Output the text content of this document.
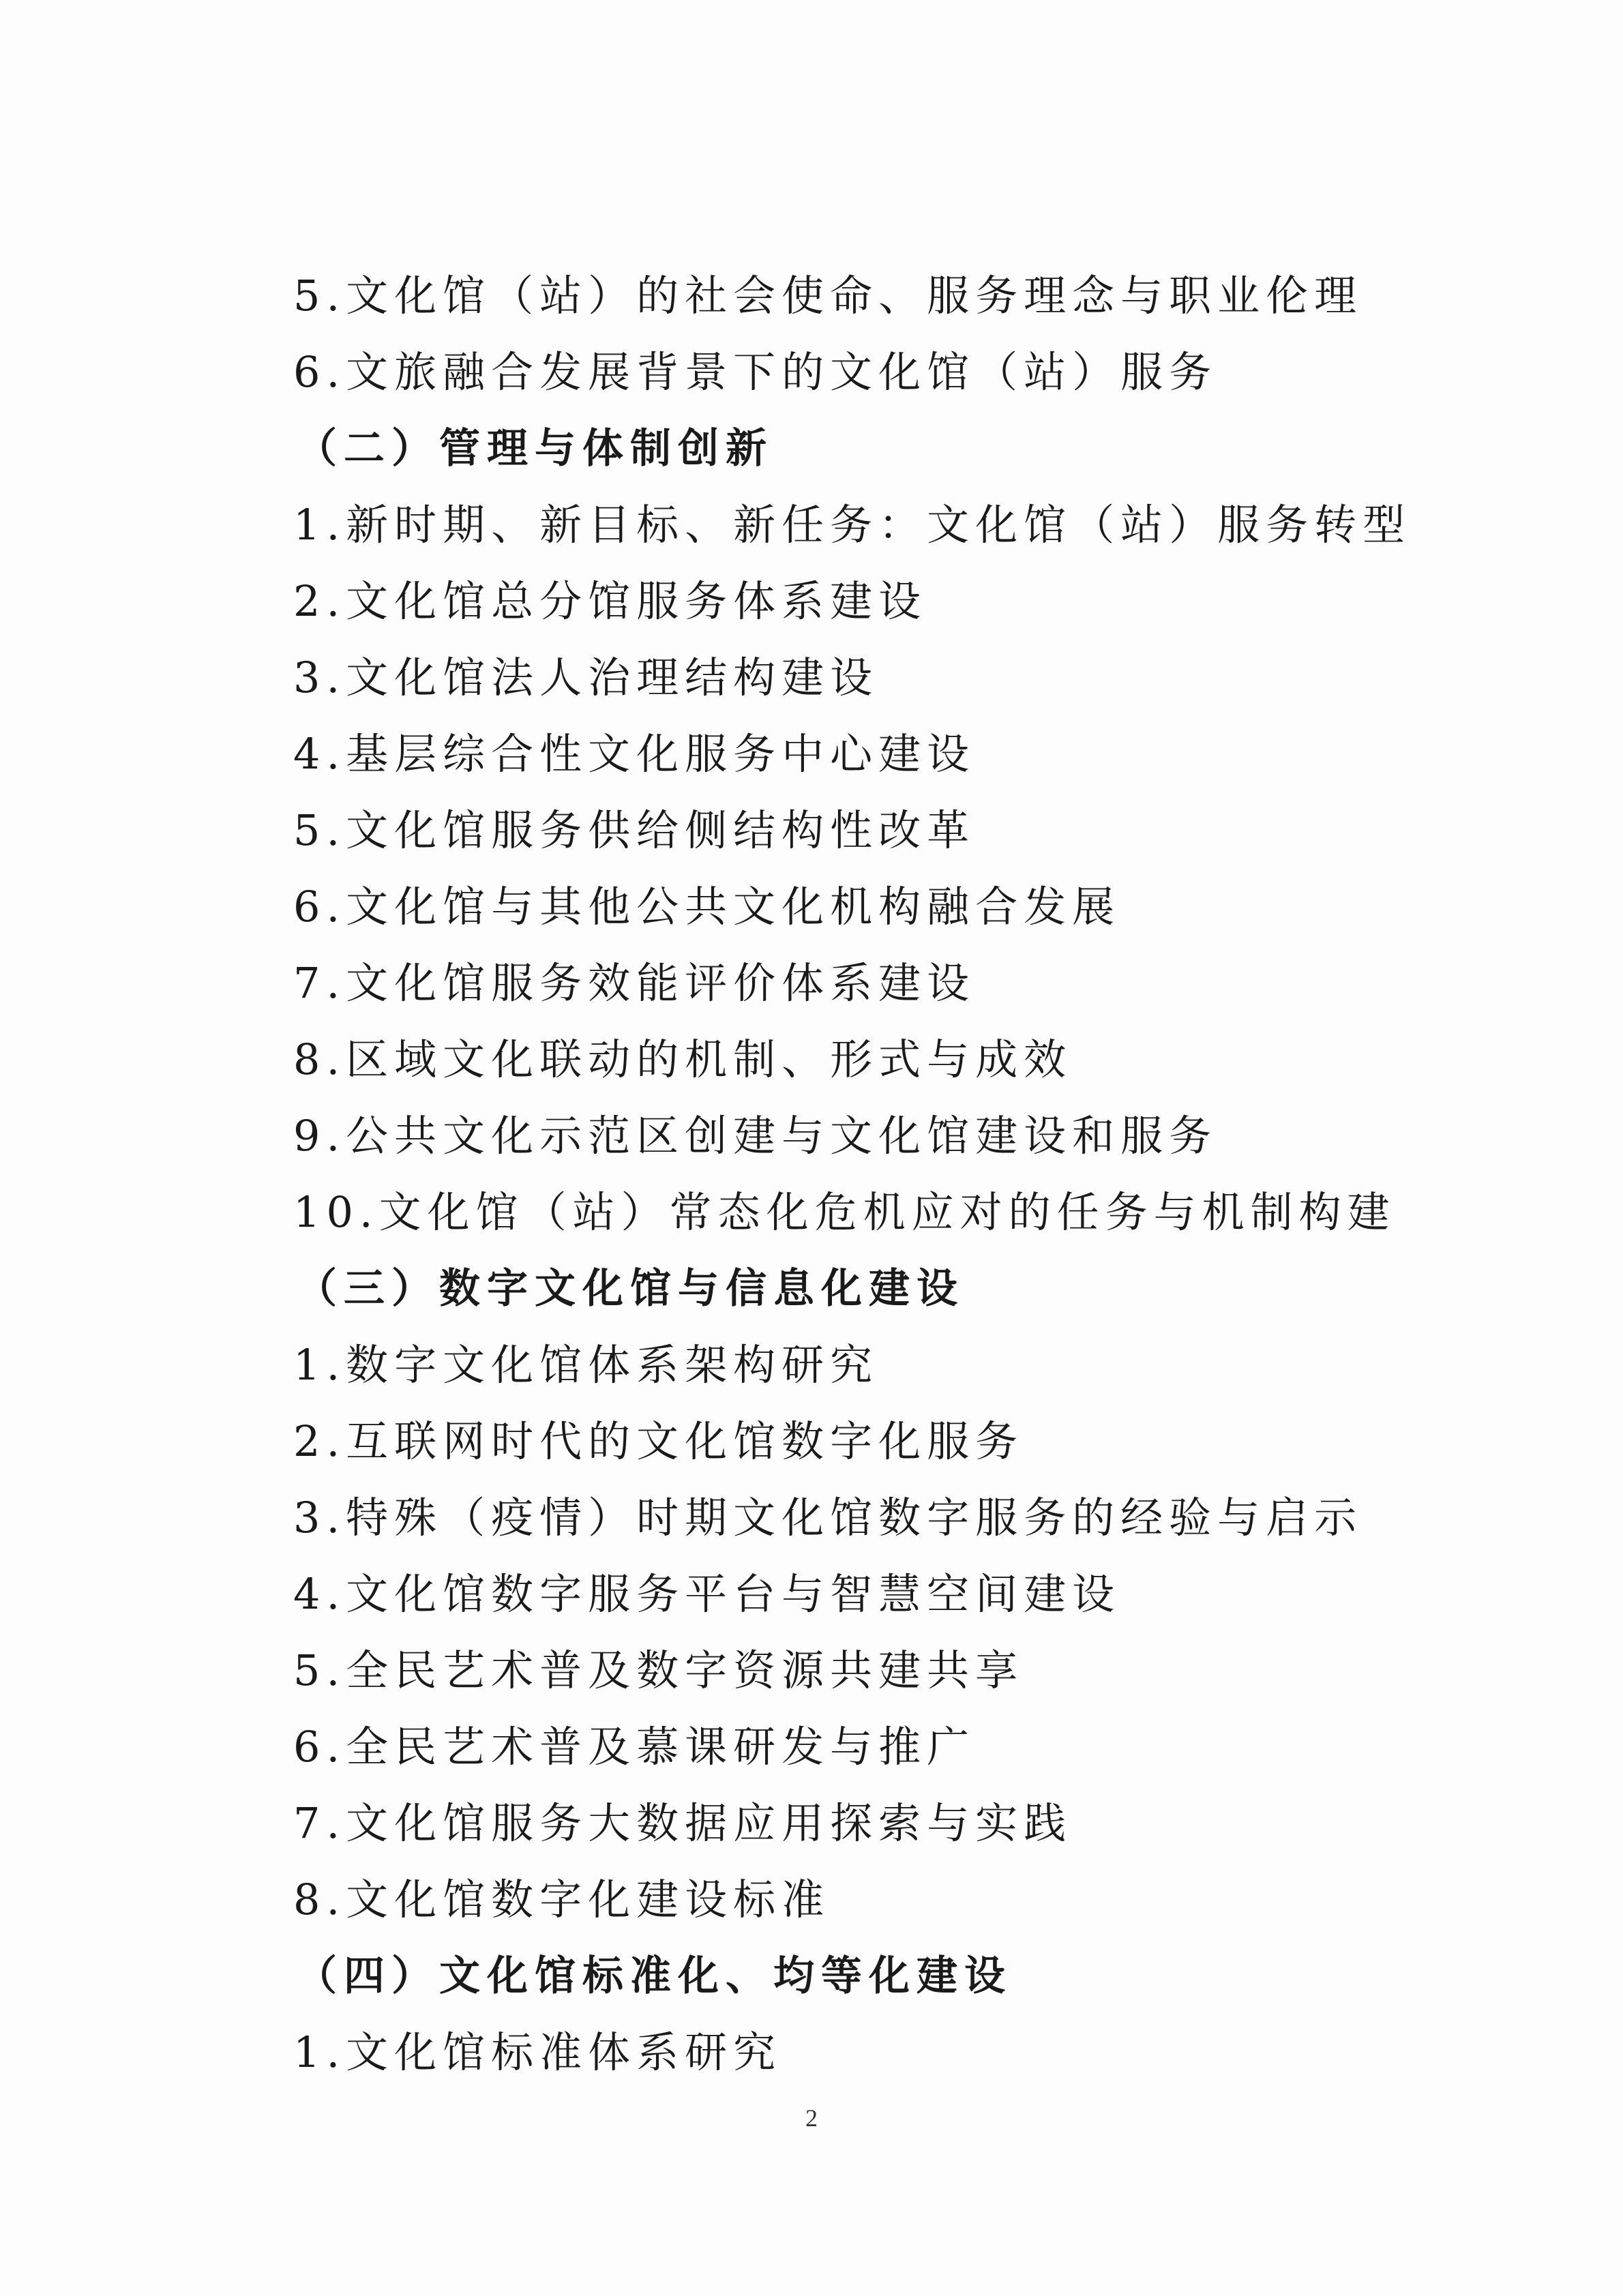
5.文化馆（站）的社会使命、服务理念与职业伦理
6.文旅融合发展背景下的文化馆（站）服务
（二）管理与体制创新
1.新时期、新目标、新任务：文化馆（站）服务转型
2.文化馆总分馆服务体系建设
3.文化馆法人治理结构建设
4.基层综合性文化服务中心建设
5.文化馆服务供给侧结构性改革
6.文化馆与其他公共文化机构融合发展
7.文化馆服务效能评价体系建设
8.区域文化联动的机制、形式与成效
9.公共文化示范区创建与文化馆建设和服务
10.文化馆（站）常态化危机应对的任务与机制构建
（三）数字文化馆与信息化建设
1.数字文化馆体系架构研究
2.互联网时代的文化馆数字化服务
3.特殊（疫情）时期文化馆数字服务的经验与启示
4.文化馆数字服务平台与智慧空间建设
5.全民艺术普及数字资源共建共享
6.全民艺术普及慕课研发与推广
7.文化馆服务大数据应用探索与实践
8.文化馆数字化建设标准
（四）文化馆标准化、均等化建设
1.文化馆标准体系研究
2
